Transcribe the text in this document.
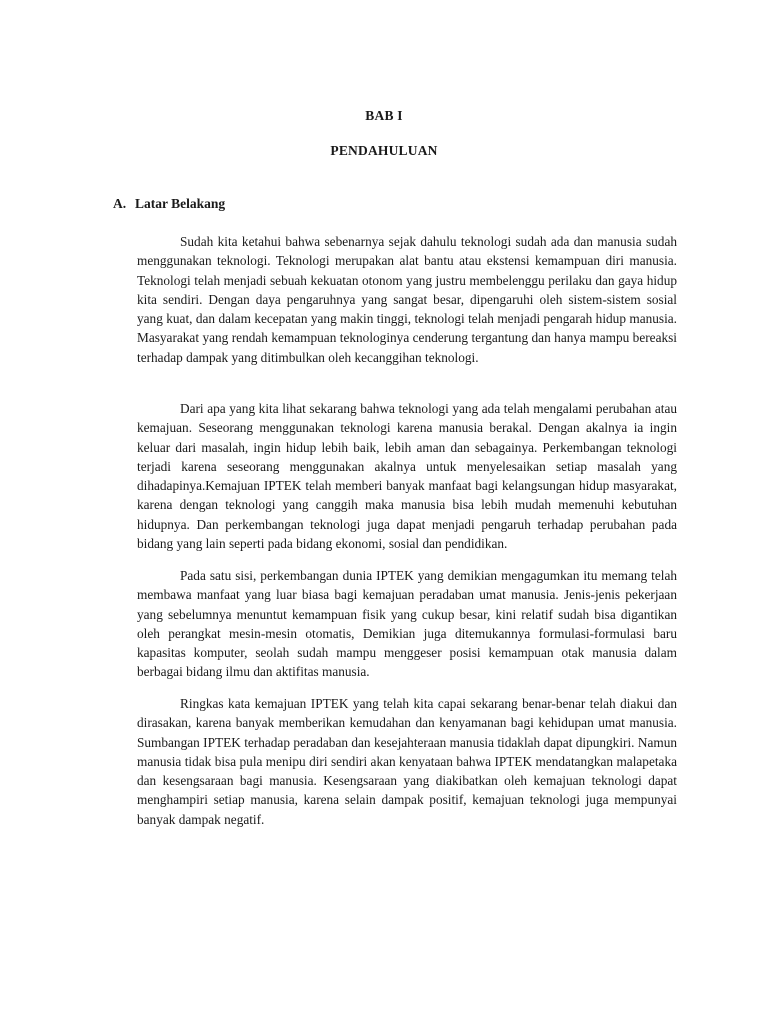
BAB I
PENDAHULUAN
A. Latar Belakang

Sudah kita ketahui bahwa sebenarnya sejak dahulu teknologi sudah ada dan manusia sudah menggunakan teknologi. Teknologi merupakan alat bantu atau ekstensi kemampuan diri manusia. Teknologi telah menjadi sebuah kekuatan otonom yang justru membelenggu perilaku dan gaya hidup kita sendiri. Dengan daya pengaruhnya yang sangat besar, dipengaruhi oleh sistem-sistem sosial yang kuat, dan dalam kecepatan yang makin tinggi, teknologi telah menjadi pengarah hidup manusia. Masyarakat yang rendah kemampuan teknologinya cenderung tergantung dan hanya mampu bereaksi terhadap dampak yang ditimbulkan oleh kecanggihan teknologi.

Dari apa yang kita lihat sekarang bahwa teknologi yang ada telah mengalami perubahan atau kemajuan. Seseorang menggunakan teknologi karena manusia berakal. Dengan akalnya ia ingin keluar dari masalah, ingin hidup lebih baik, lebih aman dan sebagainya. Perkembangan teknologi terjadi karena seseorang menggunakan akalnya untuk menyelesaikan setiap masalah yang dihadapinya.Kemajuan IPTEK telah memberi banyak manfaat bagi kelangsungan hidup masyarakat, karena dengan teknologi yang canggih maka manusia bisa lebih mudah memenuhi kebutuhan hidupnya. Dan perkembangan teknologi juga dapat menjadi pengaruh terhadap perubahan pada bidang yang lain seperti pada bidang ekonomi, sosial dan pendidikan.

Pada satu sisi, perkembangan dunia IPTEK yang demikian mengagumkan itu memang telah membawa manfaat yang luar biasa bagi kemajuan peradaban umat manusia. Jenis-jenis pekerjaan yang sebelumnya menuntut kemampuan fisik yang cukup besar, kini relatif sudah bisa digantikan oleh perangkat mesin-mesin otomatis, Demikian juga ditemukannya formulasi-formulasi baru kapasitas komputer, seolah sudah mampu menggeser posisi kemampuan otak manusia dalam berbagai bidang ilmu dan aktifitas manusia.

Ringkas kata kemajuan IPTEK yang telah kita capai sekarang benar-benar telah diakui dan dirasakan, karena banyak memberikan kemudahan dan kenyamanan bagi kehidupan umat manusia. Sumbangan IPTEK terhadap peradaban dan kesejahteraan manusia tidaklah dapat dipungkiri. Namun manusia tidak bisa pula menipu diri sendiri akan kenyataan bahwa IPTEK mendatangkan malapetaka dan kesengsaraan bagi manusia. Kesengsaraan yang diakibatkan oleh kemajuan teknologi dapat menghampiri setiap manusia, karena selain dampak positif, kemajuan teknologi juga mempunyai banyak dampak negatif.
